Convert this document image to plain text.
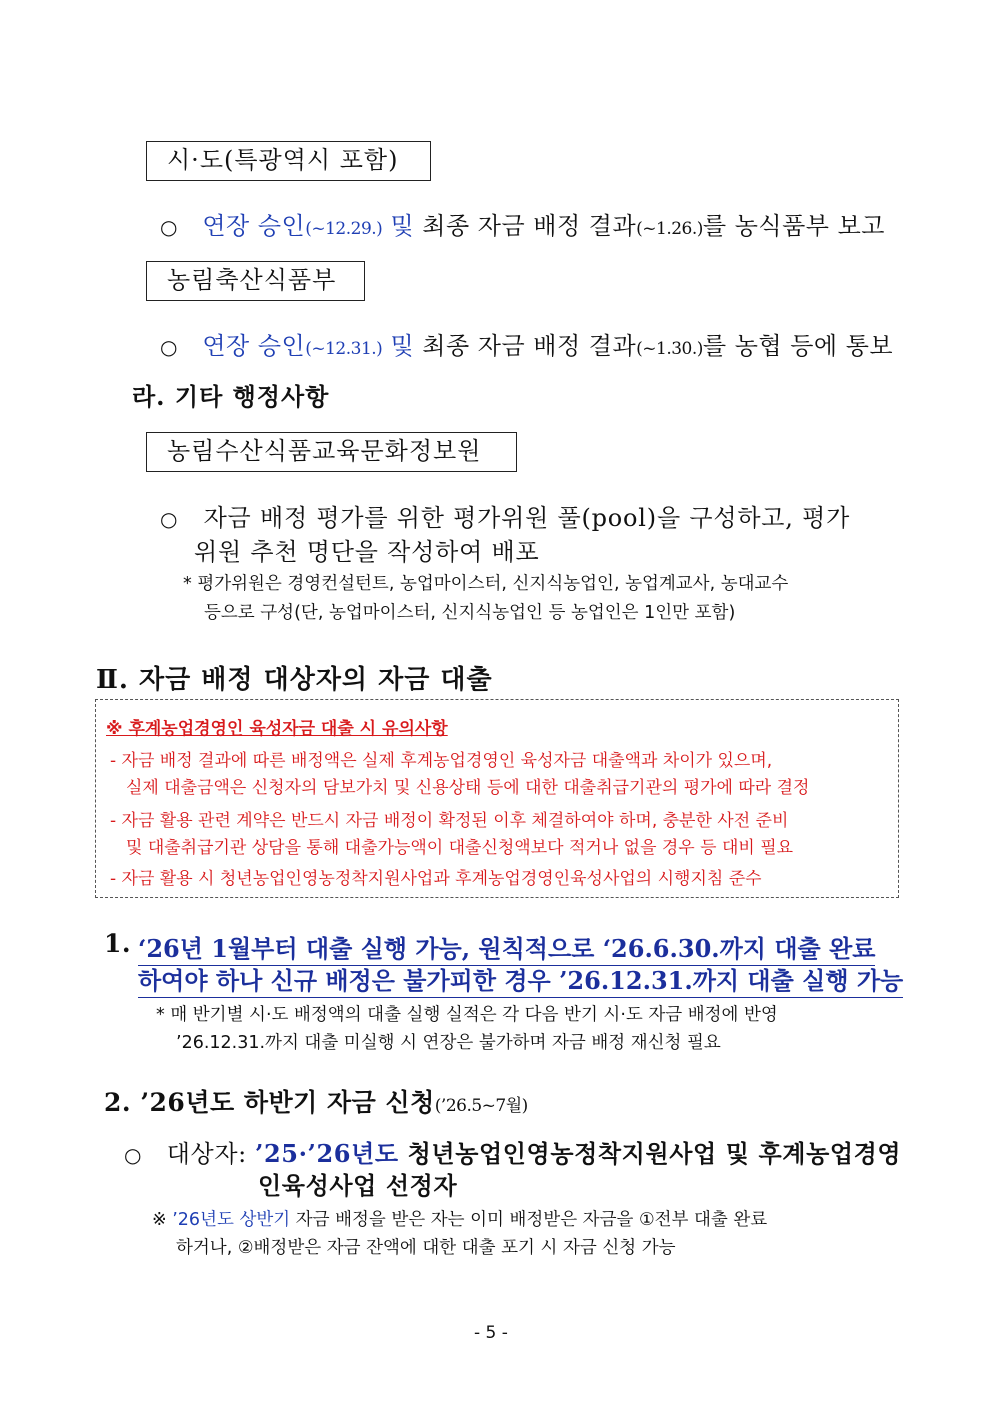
시·도(특광역시 포함)
○ 연장 승인(~12.29.) 및 최종 자금 배정 결과(~1.26.)를 농식품부 보고
농림축산식품부
○ 연장 승인(~12.31.) 및 최종 자금 배정 결과(~1.30.)를 농협 등에 통보
라. 기타 행정사항
농림수산식품교육문화정보원
○ 자금 배정 평가를 위한 평가위원 풀(pool)을 구성하고, 평가
위원 추천 명단을 작성하여 배포
* 평가위원은 경영컨설턴트, 농업마이스터, 신지식농업인, 농업계교사, 농대교수
등으로 구성(단, 농업마이스터, 신지식농업인 등 농업인은 1인만 포함)
Ⅱ. 자금 배정 대상자의 자금 대출
※ 후계농업경영인 육성자금 대출 시 유의사항
- 자금 배정 결과에 따른 배정액은 실제 후계농업경영인 육성자금 대출액과 차이가 있으며,
실제 대출금액은 신청자의 담보가치 및 신용상태 등에 대한 대출취급기관의 평가에 따라 결정
- 자금 활용 관련 계약은 반드시 자금 배정이 확정된 이후 체결하여야 하며, 충분한 사전 준비
및 대출취급기관 상담을 통해 대출가능액이 대출신청액보다 적거나 없을 경우 등 대비 필요
- 자금 활용 시 청년농업인영농정착지원사업과 후계농업경영인육성사업의 시행지침 준수
1. ‘26년 1월부터 대출 실행 가능, 원칙적으로 ‘26.6.30.까지 대출 완료
하여야 하나 신규 배정은 불가피한 경우 ’26.12.31.까지 대출 실행 가능
* 매 반기별 시·도 배정액의 대출 실행 실적은 각 다음 반기 시·도 자금 배정에 반영
’26.12.31.까지 대출 미실행 시 연장은 불가하며 자금 배정 재신청 필요
2. ’26년도 하반기 자금 신청(’26.5~7월)
○ 대상자: ’25·’26년도 청년농업인영농정착지원사업 및 후계농업경영
인육성사업 선정자
※ ’26년도 상반기 자금 배정을 받은 자는 이미 배정받은 자금을 ①전부 대출 완료
하거나, ②배정받은 자금 잔액에 대한 대출 포기 시 자금 신청 가능
- 5 -
